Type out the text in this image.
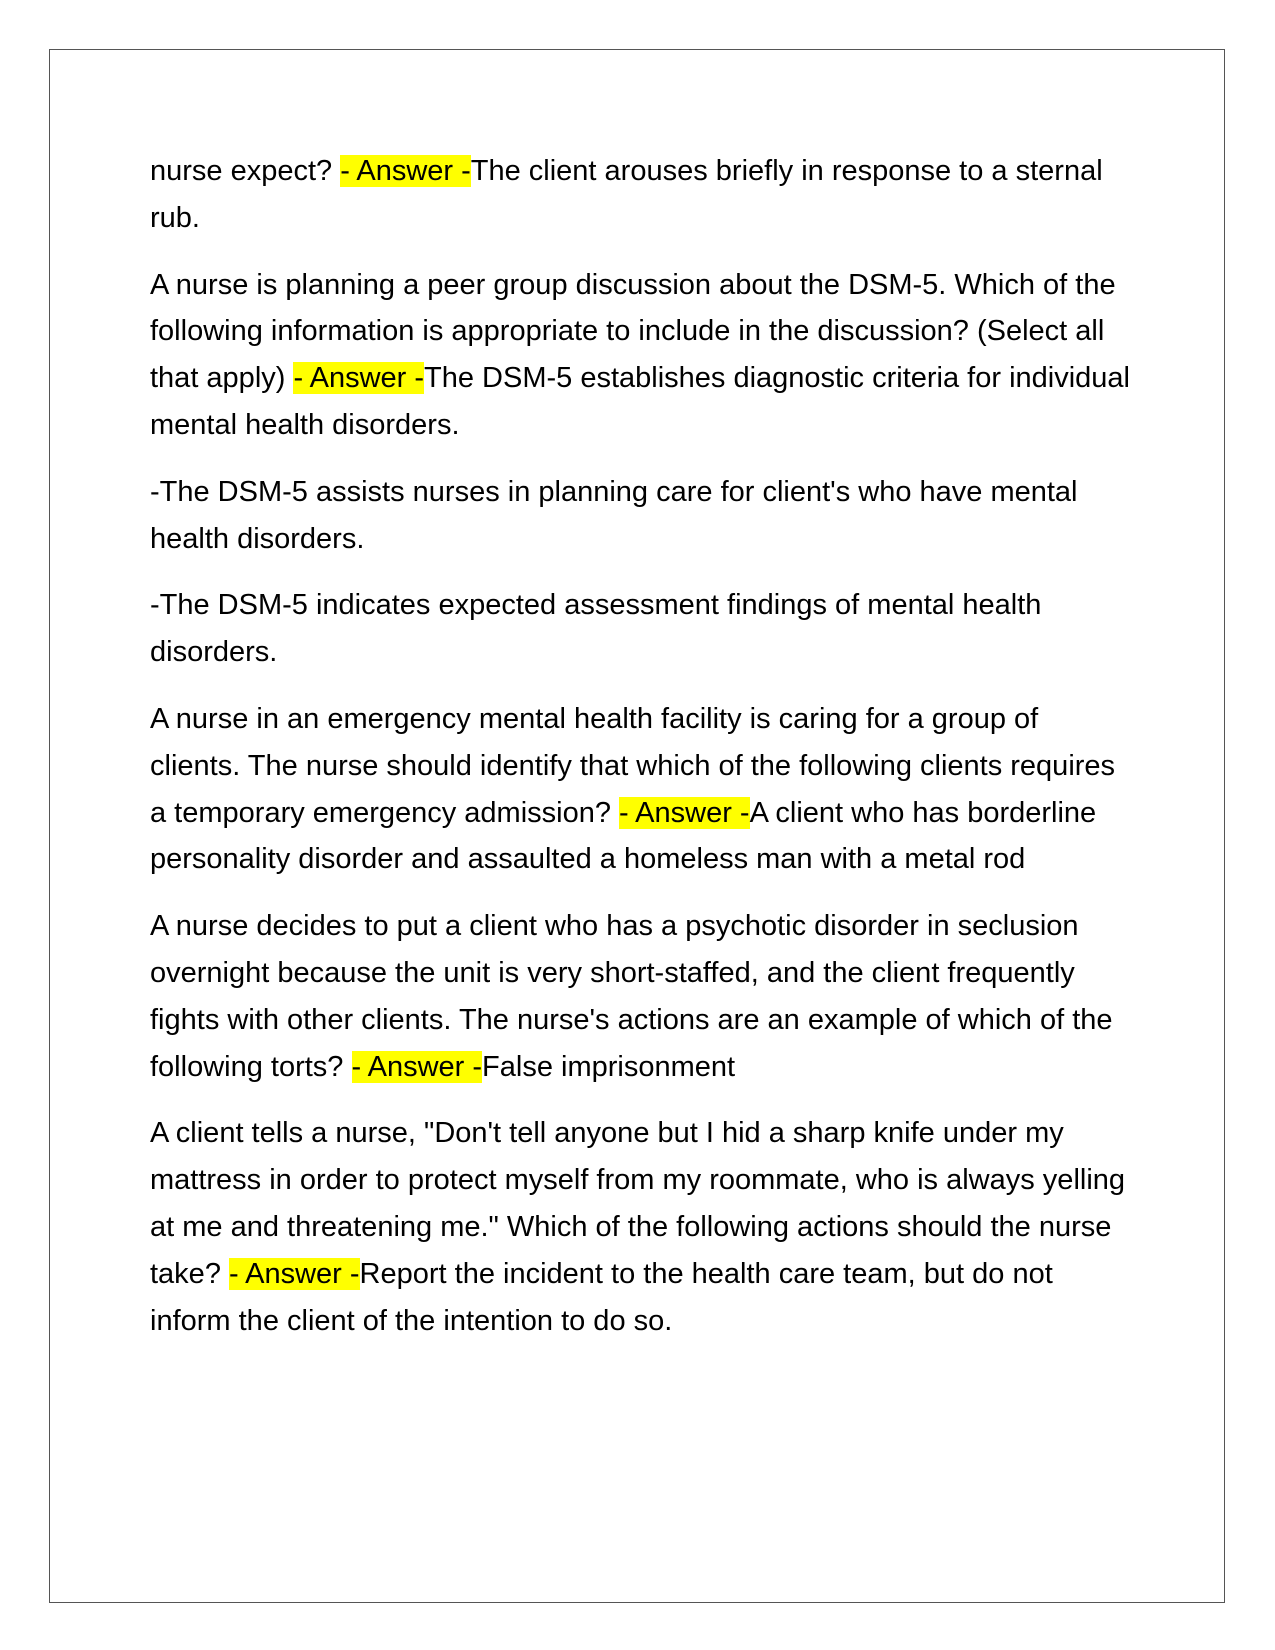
nurse expect? - Answer -The client arouses briefly in response to a sternal rub.

A nurse is planning a peer group discussion about the DSM-5. Which of the following information is appropriate to include in the discussion? (Select all that apply) - Answer -The DSM-5 establishes diagnostic criteria for individual mental health disorders.

-The DSM-5 assists nurses in planning care for client's who have mental health disorders.

-The DSM-5 indicates expected assessment findings of mental health disorders.

A nurse in an emergency mental health facility is caring for a group of clients. The nurse should identify that which of the following clients requires a temporary emergency admission? - Answer -A client who has borderline personality disorder and assaulted a homeless man with a metal rod

A nurse decides to put a client who has a psychotic disorder in seclusion overnight because the unit is very short-staffed, and the client frequently fights with other clients. The nurse's actions are an example of which of the following torts? - Answer -False imprisonment

A client tells a nurse, "Don't tell anyone but I hid a sharp knife under my mattress in order to protect myself from my roommate, who is always yelling at me and threatening me." Which of the following actions should the nurse take? - Answer -Report the incident to the health care team, but do not inform the client of the intention to do so.
